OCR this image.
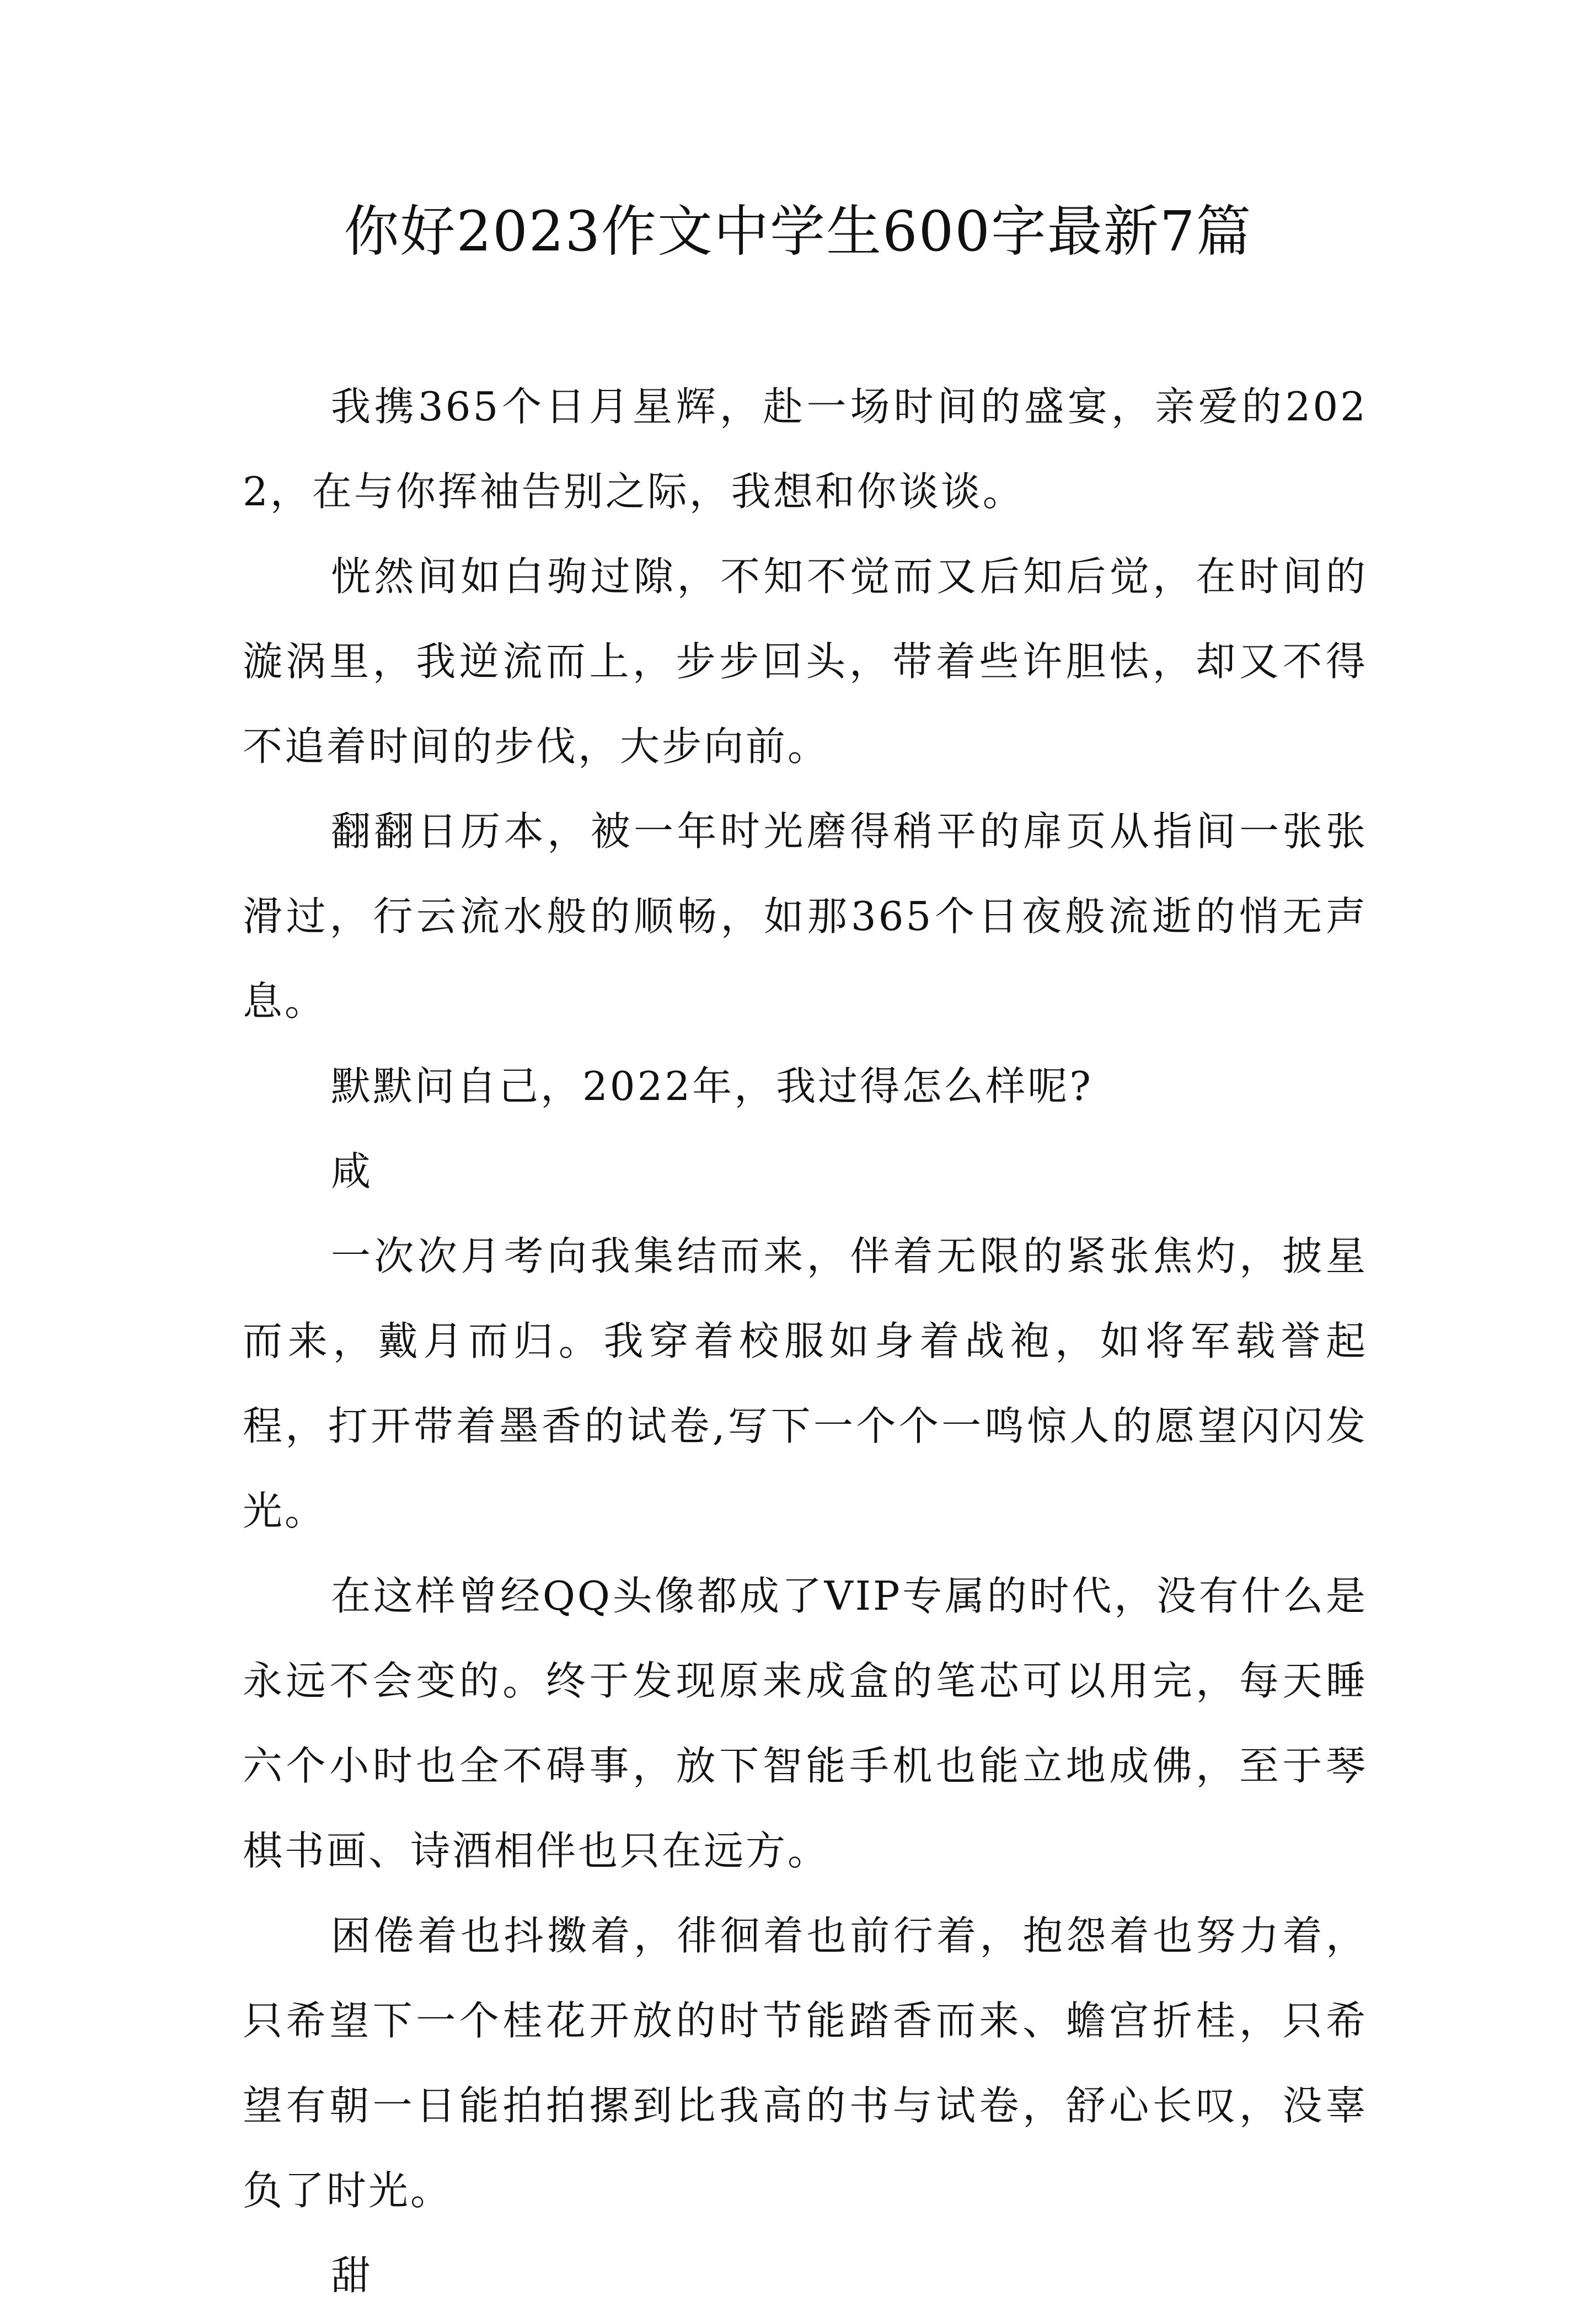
你好2023作文中学生600字最新7篇

我携365个日月星辉，赴一场时间的盛宴，亲爱的2022，在与你挥袖告别之际，我想和你谈谈。

恍然间如白驹过隙，不知不觉而又后知后觉，在时间的漩涡里，我逆流而上，步步回头，带着些许胆怯，却又不得不追着时间的步伐，大步向前。

翻翻日历本，被一年时光磨得稍平的扉页从指间一张张滑过，行云流水般的顺畅，如那365个日夜般流逝的悄无声息。

默默问自己，2022年，我过得怎么样呢?

咸

一次次月考向我集结而来，伴着无限的紧张焦灼，披星而来，戴月而归。我穿着校服如身着战袍，如将军载誉起程，打开带着墨香的试卷,写下一个个一鸣惊人的愿望闪闪发光。

在这样曾经QQ头像都成了VIP专属的时代，没有什么是永远不会变的。终于发现原来成盒的笔芯可以用完，每天睡六个小时也全不碍事，放下智能手机也能立地成佛，至于琴棋书画、诗酒相伴也只在远方。

困倦着也抖擞着，徘徊着也前行着，抱怨着也努力着，只希望下一个桂花开放的时节能踏香而来、蟾宫折桂，只希望有朝一日能拍拍摞到比我高的书与试卷，舒心长叹，没辜负了时光。

甜
